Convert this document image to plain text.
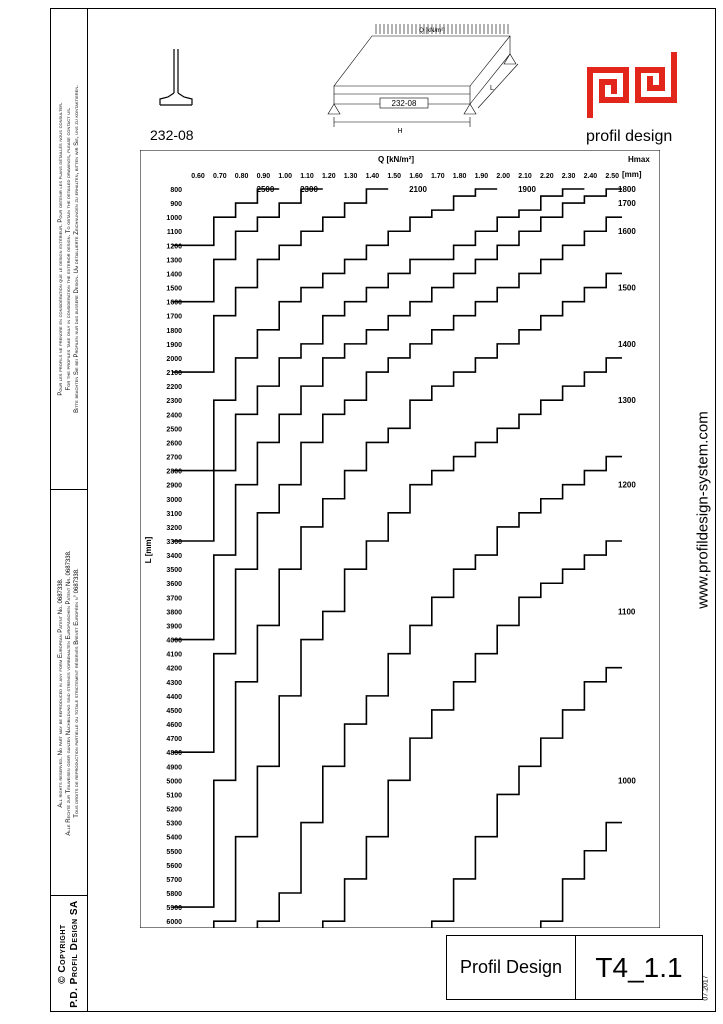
Pour les profils ne prendre en considération que le design extérieur. Pour obtenir les plans détaillés nous consulter. For the profiles take only in consideration the exterior design. To obtain the detailed drawings, please contact us. Bitte beachten Sie bei Profilen nur das äussere Design. Um detaillierte Zeichnungen zu erhalten, bitten wir Sie, uns zu kontaktieren.
All rights reserved. No part may be reproduced in any form European Patent No. 0687338. Alle Rechte zur Teilweisen oder ganzen Nachbildung sind strengs vorbehalten Europäischen Patent Nr. 0687338. Tous droits de reproduction partielle ou totale strictement réservés Brevet Européen n° 0687338.
© Copyright P.D. Profil Design SA
232-08
232-08
Q [kN/m²]
H
L
profil design
www.profildesign-system.com
Q [kN/m²]
L [mm]
Hmax
[mm]
0.60 0.70 0.80 0.90 1.00 1.10 1.20 1.30 1.40 1.50 1.60 1.70 1.80 1.90 2.00 2.10 2.20 2.30 2.40 2.50
800
900
1000
1100
1200
1300
1400
1500
1600
1700
1800
1900
2000
2100
2200
2300
2400
2500
2600
2700
2800
2900
3000
3100
3200
3300
3400
3500
3600
3700
3800
3900
4000
4100
4200
4300
4400
4500
4600
4700
4800
4900
5000
5100
5200
5300
5400
5500
5600
5700
5800
5900
6000
2500	2300	2100	1900	1800
1700
1600
1500
1400
1300
1200
1100
1000
Profil Design	T4_1.1
07.2017
